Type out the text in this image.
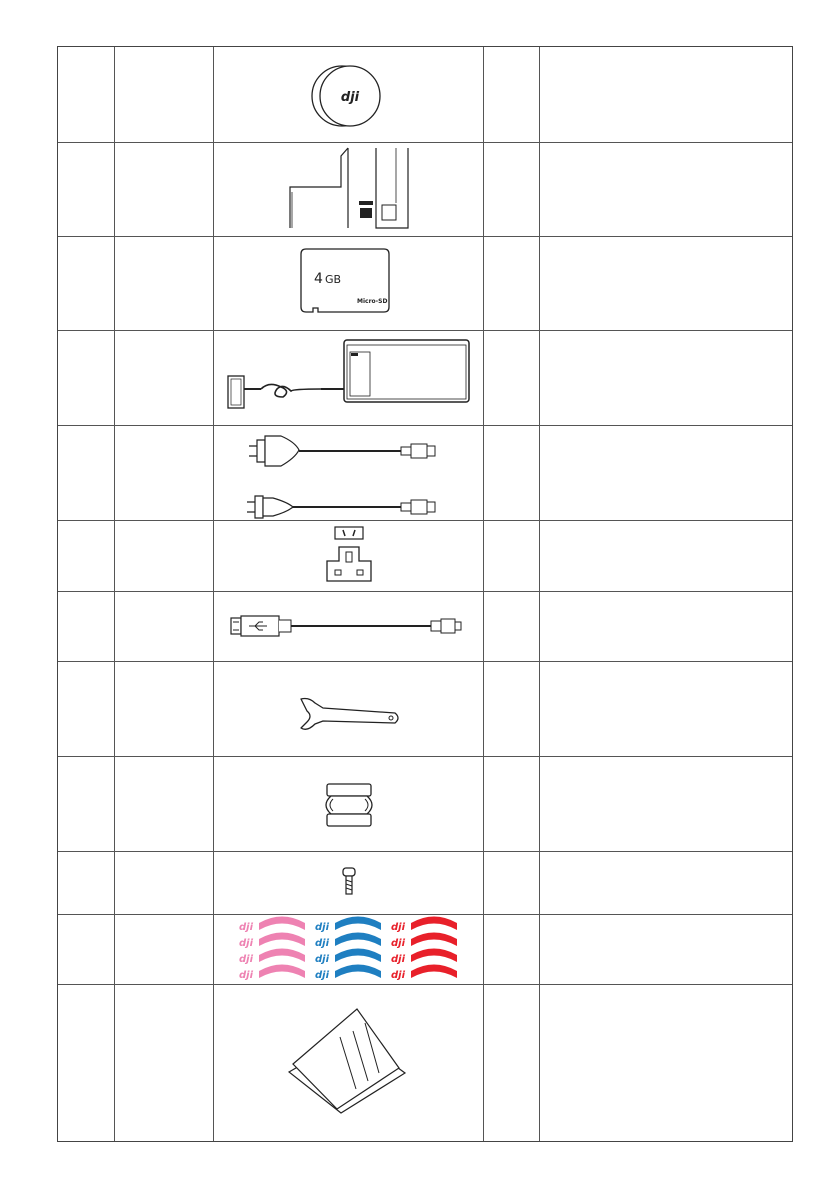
dji
4 GB
Micro-SD
dji
dji
dji
dji
dji
dji
dji
dji
dji
dji
dji
dji
